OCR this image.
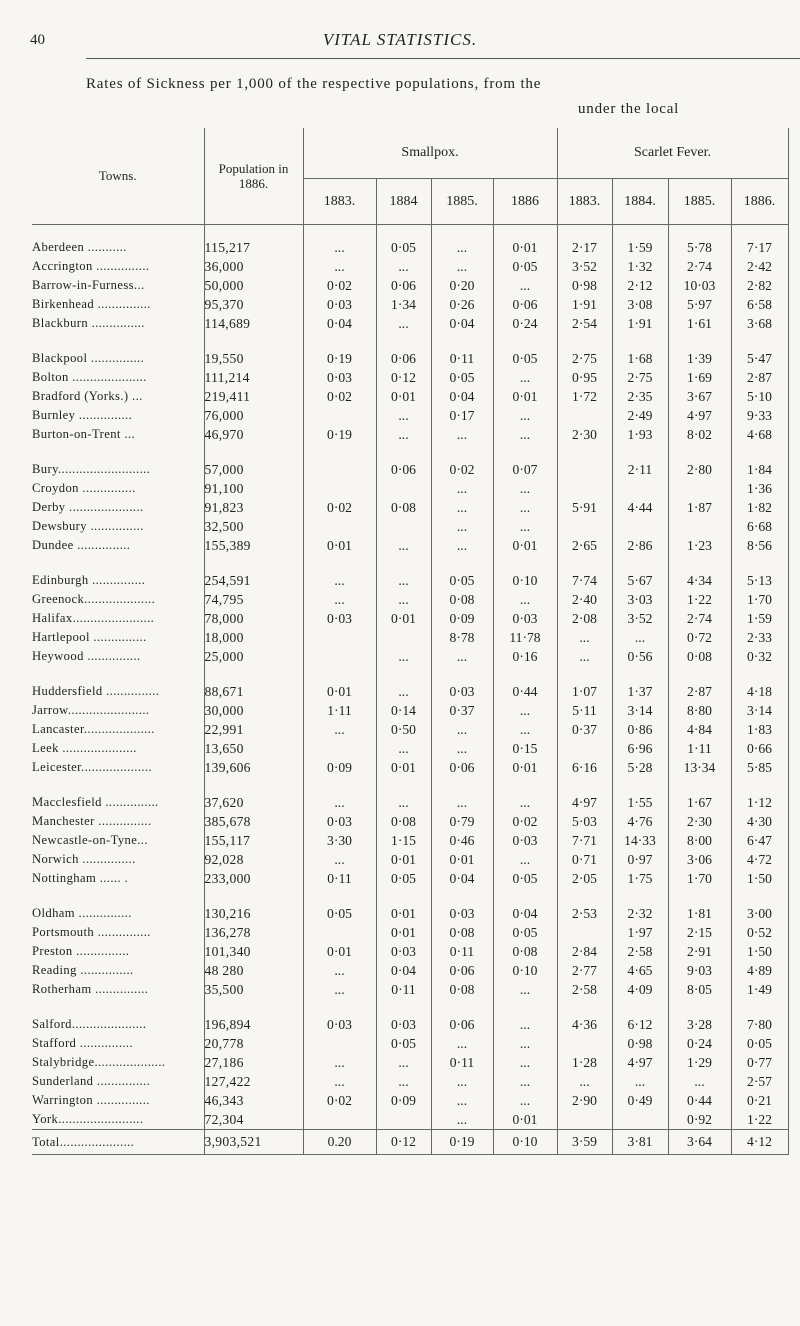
40	VITAL STATISTICS.
Rates of Sickness per 1,000 of the respective populations, from the
under the local
Towns.	Population in 1886.	Smallpox.				Scarlet Fever.			
		1883.	1884	1885.	1886	1883.	1884.	1885.	1886.

Aberdeen ...........	115,217	...	0·05	...	0·01	2·17	1·59	5·78	7·17
Accrington ...............	36,000	...	...	...	0·05	3·52	1·32	2·74	2·42
Barrow-in-Furness...	50,000	0·02	0·06	0·20	...	0·98	2·12	10·03	2·82
Birkenhead ...............	95,370	0·03	1·34	0·26	0·06	1·91	3·08	5·97	6·58
Blackburn ...............	114,689	0·04	...	0·04	0·24	2·54	1·91	1·61	3·68
Blackpool ...............	19,550	0·19	0·06	0·11	0·05	2·75	1·68	1·39	5·47
Bolton .....................	111,214	0·03	0·12	0·05	...	0·95	2·75	1·69	2·87
Bradford (Yorks.) ...	219,411	0·02	0·01	0·04	0·01	1·72	2·35	3·67	5·10
Burnley ...............	76,000		...	0·17	...		2·49	4·97	9·33
Burton-on-Trent ...	46,970	0·19	...	...	...	2·30	1·93	8·02	4·68
Bury..........................	57,000		0·06	0·02	0·07		2·11	2·80	1·84
Croydon ...............	91,100			...	...				1·36
Derby .....................	91,823	0·02	0·08	...	...	5·91	4·44	1·87	1·82
Dewsbury ...............	32,500			...	...				6·68
Dundee ...............	155,389	0·01	...	...	0·01	2·65	2·86	1·23	8·56
Edinburgh ...............	254,591	...	...	0·05	0·10	7·74	5·67	4·34	5·13
Greenock....................	74,795	...	...	0·08	...	2·40	3·03	1·22	1·70
Halifax.......................	78,000	0·03	0·01	0·09	0·03	2·08	3·52	2·74	1·59
Hartlepool ...............	18,000			8·78	11·78	...	...	0·72	2·33
Heywood ...............	25,000		...	...	0·16	...	0·56	0·08	0·32
Huddersfield ...............	88,671	0·01	...	0·03	0·44	1·07	1·37	2·87	4·18
Jarrow.......................	30,000	1·11	0·14	0·37	...	5·11	3·14	8·80	3·14
Lancaster....................	22,991	...	0·50	...	...	0·37	0·86	4·84	1·83
Leek .....................	13,650		...	...	0·15		6·96	1·11	0·66
Leicester....................	139,606	0·09	0·01	0·06	0·01	6·16	5·28	13·34	5·85
Macclesfield ...............	37,620	...	...	...	...	4·97	1·55	1·67	1·12
Manchester ...............	385,678	0·03	0·08	0·79	0·02	5·03	4·76	2·30	4·30
Newcastle-on-Tyne...	155,117	3·30	1·15	0·46	0·03	7·71	14·33	8·00	6·47
Norwich ...............	92,028	...	0·01	0·01	...	0·71	0·97	3·06	4·72
Nottingham ...... .	233,000	0·11	0·05	0·04	0·05	2·05	1·75	1·70	1·50
Oldham ...............	130,216	0·05	0·01	0·03	0·04	2·53	2·32	1·81	3·00
Portsmouth ...............	136,278		0·01	0·08	0·05		1·97	2·15	0·52
Preston ...............	101,340	0·01	0·03	0·11	0·08	2·84	2·58	2·91	1·50
Reading ...............	48 280	...	0·04	0·06	0·10	2·77	4·65	9·03	4·89
Rotherham ...............	35,500	...	0·11	0·08	...	2·58	4·09	8·05	1·49
Salford.....................	196,894	0·03	0·03	0·06	...	4·36	6·12	3·28	7·80
Stafford ...............	20,778		0·05	...	...		0·98	0·24	0·05
Stalybridge....................	27,186	...	...	0·11	...	1·28	4·97	1·29	0·77
Sunderland ...............	127,422	...	...	...	...	...	...	...	2·57
Warrington ...............	46,343	0·02	0·09	...	...	2·90	0·49	0·44	0·21
York........................	72,304			...	0·01			0·92	1·22
Total.....................	3,903,521	0.20	0·12	0·19	0·10	3·59	3·81	3·64	4·12
